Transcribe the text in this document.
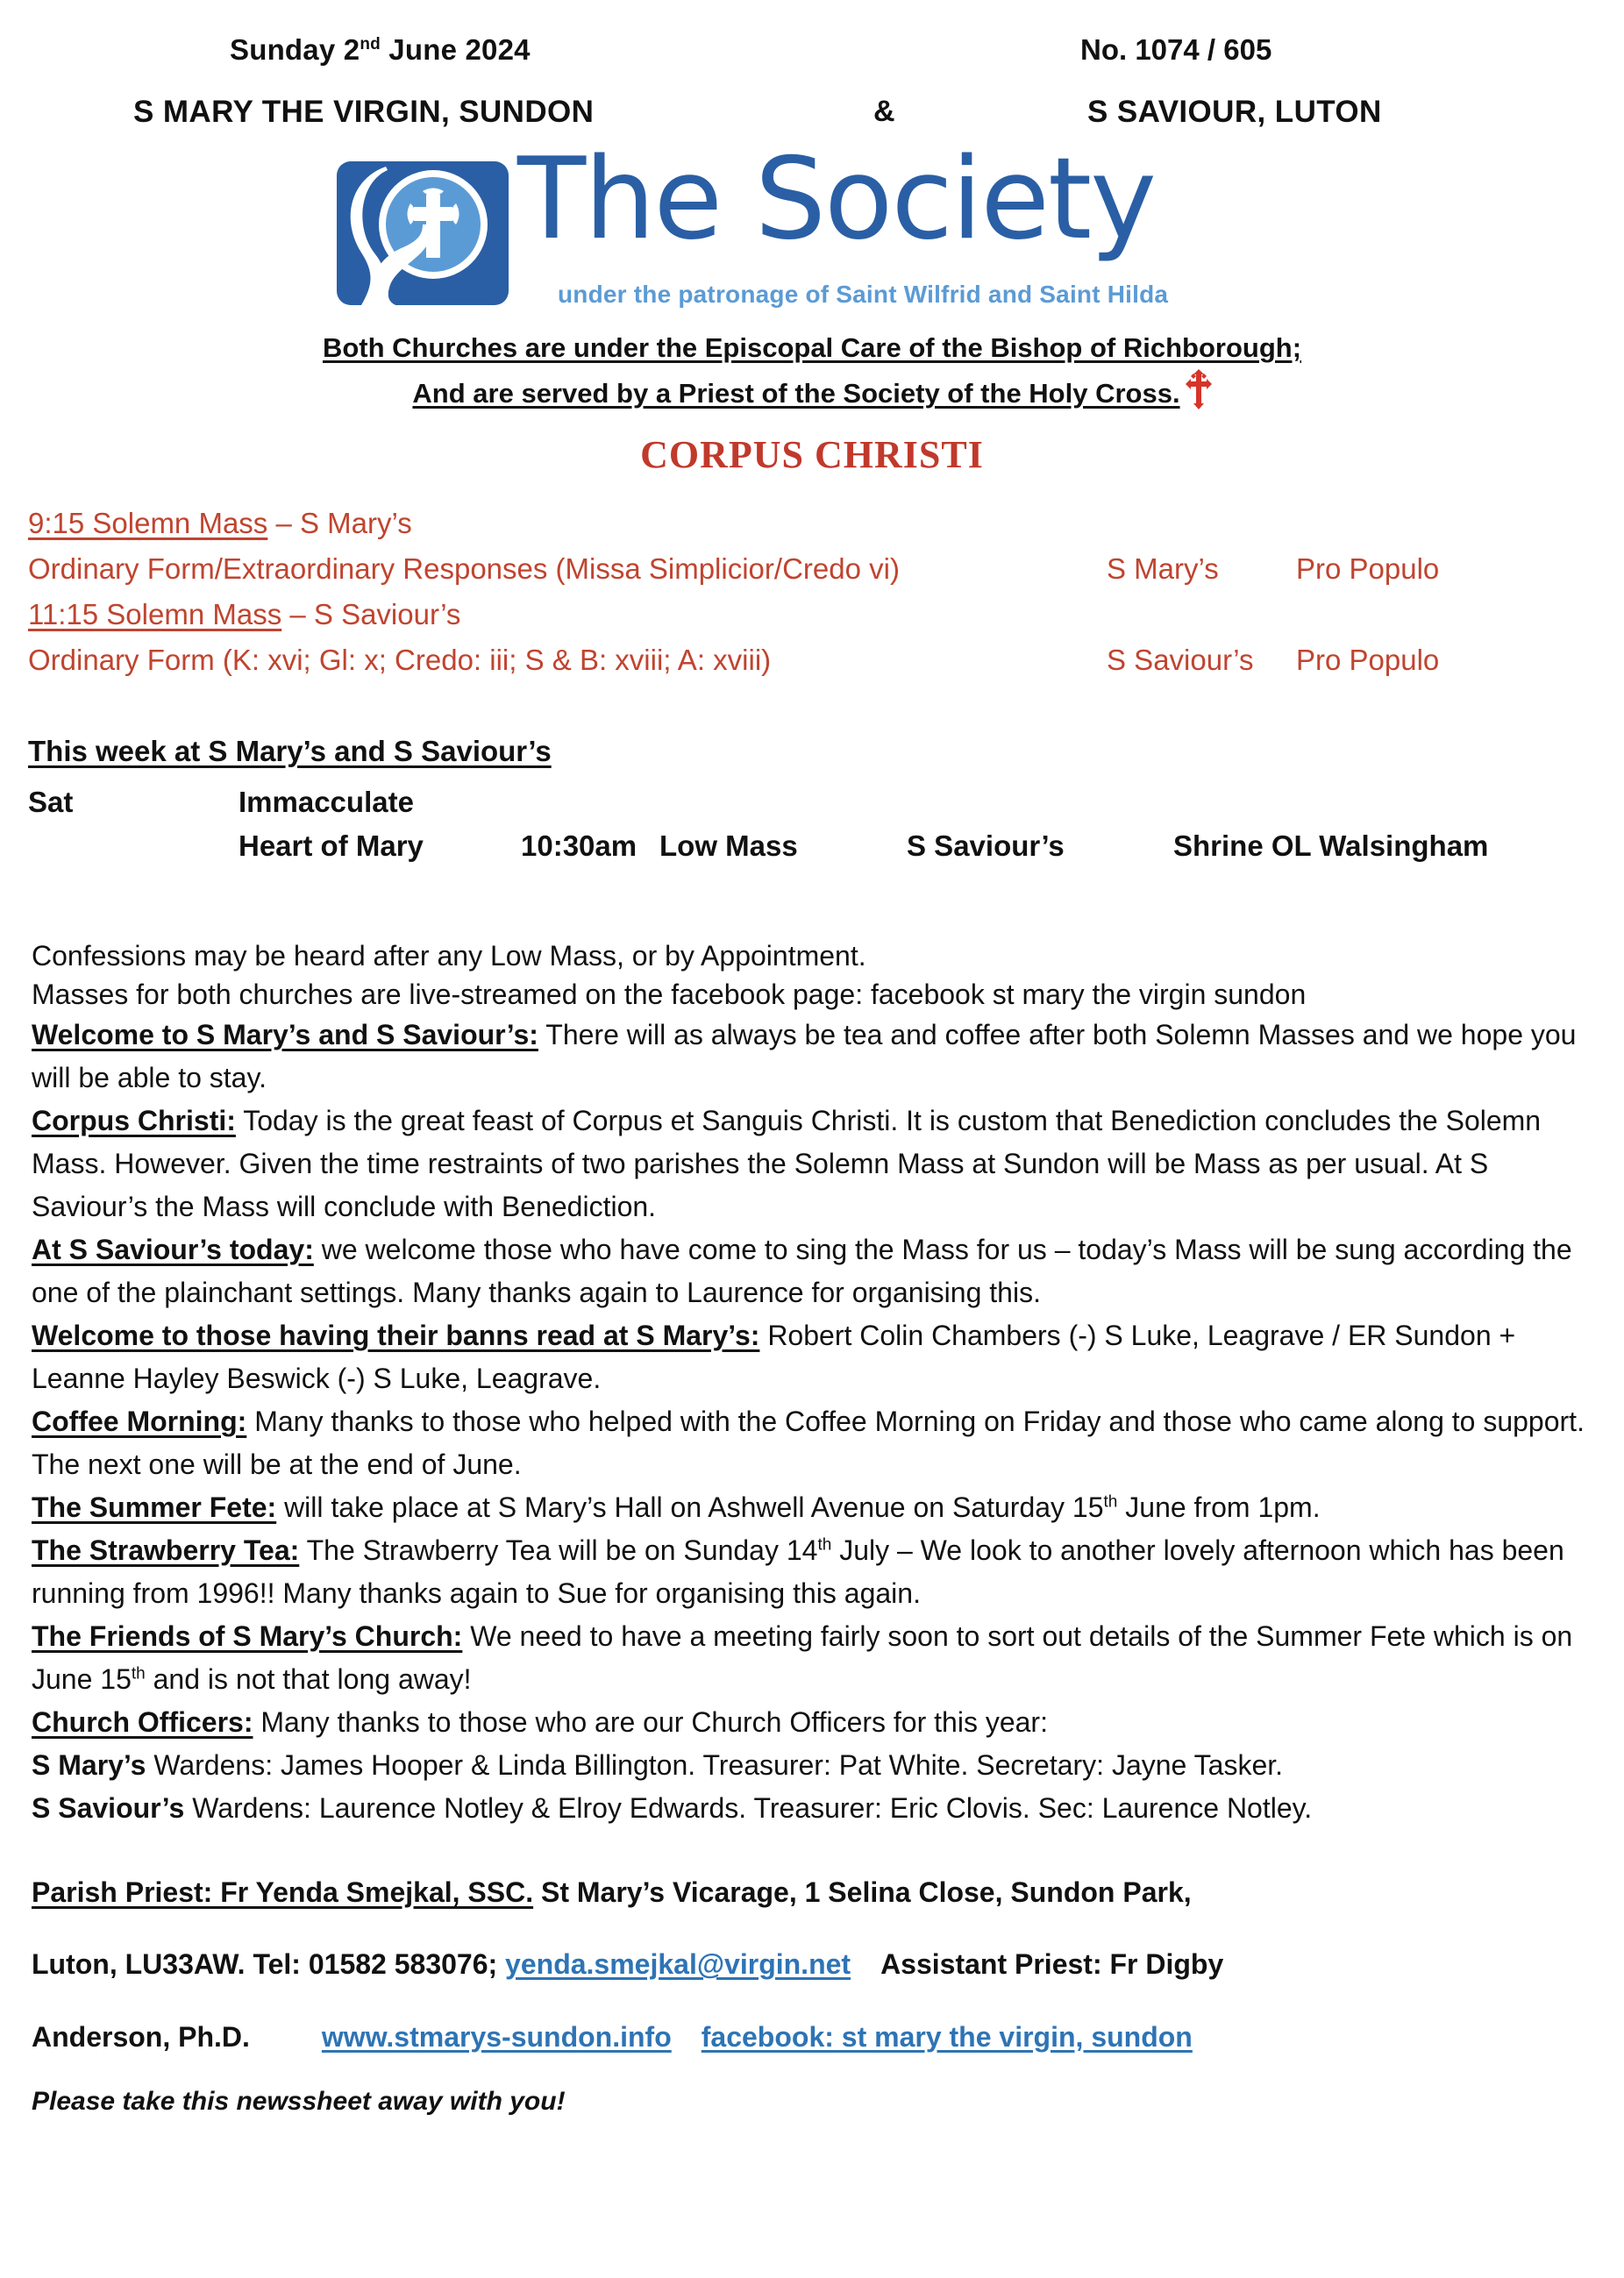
Sunday 2nd June 2024	No. 1074 / 605
S MARY THE VIRGIN, SUNDON	&	S SAVIOUR, LUTON
The Society
under the patronage of Saint Wilfrid and Saint Hilda
Both Churches are under the Episcopal Care of the Bishop of Richborough;
And are served by a Priest of the Society of the Holy Cross.
CORPUS CHRISTI
9:15 Solemn Mass – S Mary’s
Ordinary Form/Extraordinary Responses (Missa Simplicior/Credo vi)	S Mary’s	Pro Populo
11:15 Solemn Mass – S Saviour’s
Ordinary Form (K: xvi; Gl: x; Credo: iii; S & B: xviii; A: xviii)	S Saviour’s Pro Populo
This week at S Mary’s and S Saviour’s
Sat	Immacculate
Heart of Mary	10:30am Low Mass	S Saviour’s	Shrine OL Walsingham

Confessions may be heard after any Low Mass, or by Appointment.

Masses for both churches are live-streamed on the facebook page: facebook st mary the virgin sundon

Welcome to S Mary’s and S Saviour’s: There will as always be tea and coffee after both Solemn Masses and we hope you will be able to stay.

Corpus Christi: Today is the great feast of Corpus et Sanguis Christi. It is custom that Benediction concludes the Solemn Mass. However. Given the time restraints of two parishes the Solemn Mass at Sundon will be Mass as per usual. At S Saviour’s the Mass will conclude with Benediction.

At S Saviour’s today: we welcome those who have come to sing the Mass for us – today’s Mass will be sung according the one of the plainchant settings. Many thanks again to Laurence for organising this.

Welcome to those having their banns read at S Mary’s: Robert Colin Chambers (-) S Luke, Leagrave / ER Sundon + Leanne Hayley Beswick (-) S Luke, Leagrave.

Coffee Morning: Many thanks to those who helped with the Coffee Morning on Friday and those who came along to support. The next one will be at the end of June.

The Summer Fete: will take place at S Mary’s Hall on Ashwell Avenue on Saturday 15th June from 1pm.

The Strawberry Tea: The Strawberry Tea will be on Sunday 14th July – We look to another lovely afternoon which has been running from 1996!! Many thanks again to Sue for organising this again.

The Friends of S Mary’s Church: We need to have a meeting fairly soon to sort out details of the Summer Fete which is on June 15th and is not that long away!

Church Officers: Many thanks to those who are our Church Officers for this year:

S Mary’s Wardens: James Hooper & Linda Billington. Treasurer: Pat White. Secretary: Jayne Tasker.

S Saviour’s Wardens: Laurence Notley & Elroy Edwards. Treasurer: Eric Clovis. Sec: Laurence Notley.

Parish Priest: Fr Yenda Smejkal, SSC. St Mary’s Vicarage, 1 Selina Close, Sundon Park,

Luton, LU33AW. Tel: 01582 583076; yenda.smejkal@virgin.net Assistant Priest: Fr Digby

Anderson, Ph.D.	www.stmarys-sundon.info facebook: st mary the virgin, sundon

Please take this newssheet away with you!
